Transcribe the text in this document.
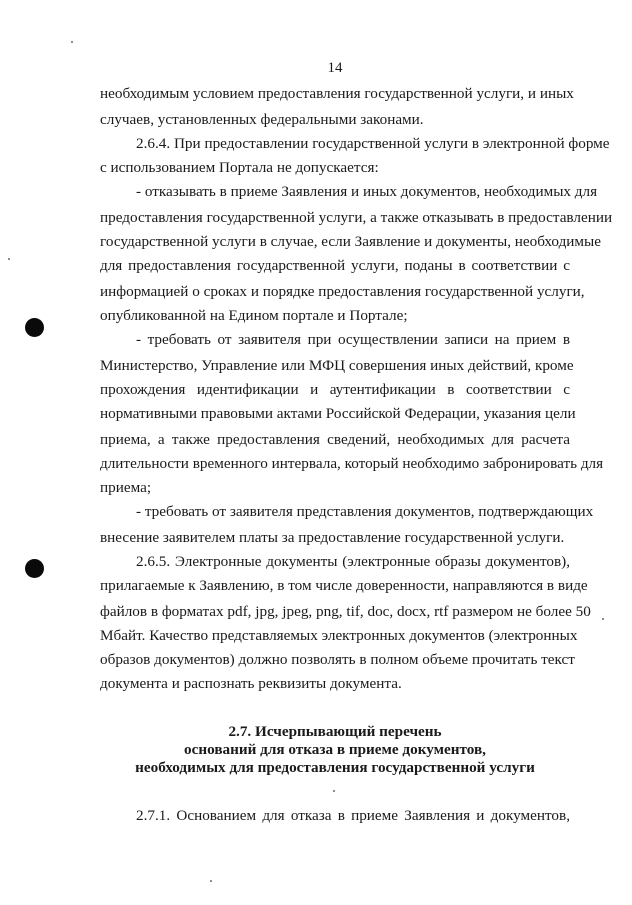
14
необходимым условием предоставления государственной услуги, и иных
случаев, установленных федеральными законами.
2.6.4. При предоставлении государственной услуги в электронной форме
с использованием Портала не допускается:
- отказывать в приеме Заявления и иных документов, необходимых для
предоставления государственной услуги, а также отказывать в предоставлении
государственной услуги в случае, если Заявление и документы, необходимые
для предоставления государственной услуги, поданы в соответствии с
информацией о сроках и порядке предоставления государственной услуги,
опубликованной на Едином портале и Портале;
- требовать от заявителя при осуществлении записи на прием в
Министерство, Управление или МФЦ совершения иных действий, кроме
прохождения идентификации и аутентификации в соответствии с
нормативными правовыми актами Российской Федерации, указания цели
приема, а также предоставления сведений, необходимых для расчета
длительности временного интервала, который необходимо забронировать для
приема;
- требовать от заявителя представления документов, подтверждающих
внесение заявителем платы за предоставление государственной услуги.
2.6.5. Электронные документы (электронные образы документов),
прилагаемые к Заявлению, в том числе доверенности, направляются в виде
файлов в форматах pdf, jpg, jpeg, png, tif, doc, docx, rtf размером не более 50
Мбайт. Качество представляемых электронных документов (электронных
образов документов) должно позволять в полном объеме прочитать текст
документа и распознать реквизиты документа.
2.7. Исчерпывающий перечень
оснований для отказа в приеме документов,
необходимых для предоставления государственной услуги
2.7.1. Основанием для отказа в приеме Заявления и документов,
